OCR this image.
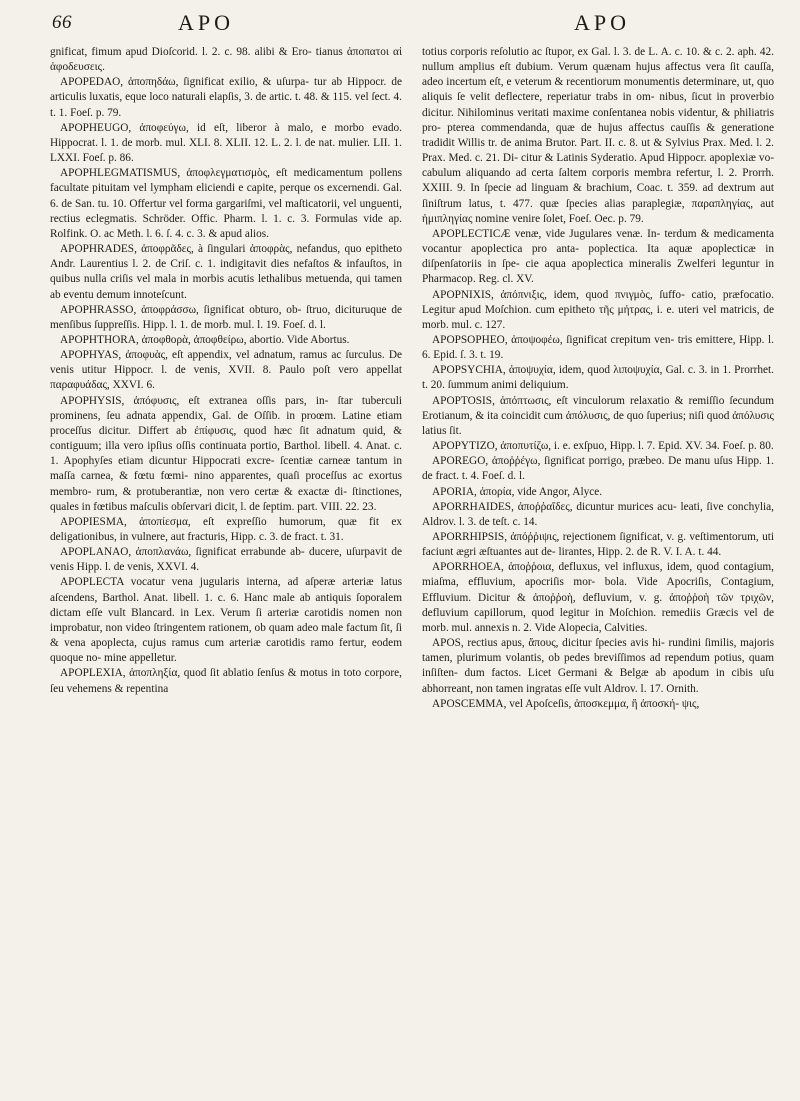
66	APO	APO

gnificat, fimum apud Dioſcorid. l. 2. c. 98. alibi & Ero- tianus ἀποπατοι αἱ ἀφοδευσεις.

APOPEDAO, ἀποπηδάω, ſignificat exilio, & uſurpa- tur ab Hippocr. de articulis luxatis, eque loco naturali elapſis, 3. de artic. t. 48. & 115. vel ſect. 4. t. 1. Foeſ. p. 79.

APOPHEUGO, ἀποφεύγω, id eſt, liberor à malo, e morbo evado. Hippocrat. l. 1. de morb. mul. XLI. 8. XLII. 12. L. 2. l. de nat. mulier. LII. 1. LXXI. Foeſ. p. 86.

APOPHLEGMATISMUS, ἀποφλεγματισμὸς, eſt medicamentum pollens facultate pituitam vel lympham eliciendi e capite, perque os excernendi. Gal. 6. de San. tu. 10. Offertur vel forma gargariſmi, vel maſticatorii, vel unguenti, rectius eclegmatis. Schröder. Offic. Pharm. l. 1. c. 3. Formulas vide ap. Rolfink. O. ac Meth. l. 6. ſ. 4. c. 3. & apud alios.

APOPHRADES, ἀποφρᾶδες, à ſingulari ἀποφρὰς, nefandus, quo epitheto Andr. Laurentius l. 2. de Criſ. c. 1. indigitavit dies nefaſtos & infauſtos, in quibus nulla criſis vel mala in morbis acutis lethalibus metuenda, qui tamen ab eventu demum innoteſcunt.

APOPHRASSO, ἀποφράσσω, ſignificat obturo, ob- ſtruo, dicituruque de menſibus ſuppreſſis. Hipp. l. 1. de morb. mul. l. 19. Foeſ. d. l.

APOPHTHORA, ἀποφθορὰ, ἀποφθείρω, abortio. Vide Abortus.

APOPHYAS, ἀποφυὰς, eſt appendix, vel adnatum, ramus ac ſurculus. De venis utitur Hippocr. l. de venis, XVII. 8. Paulo poſt vero appellat παραφυάδας, XXVI. 6.

APOPHYSIS, ἀπόφυσις, eſt extranea oſſis pars, in- ſtar tuberculi prominens, ſeu adnata appendix, Gal. de Oſſib. in proœm. Latine etiam proceſſus dicitur. Differt ab ἐπίφυσις, quod hæc ſit adnatum quid, & contiguum; illa vero ipſius oſſis continuata portio, Barthol. libell. 4. Anat. c. 1. Apophyſes etiam dicuntur Hippocrati excre- ſcentiæ carneæ tantum in maſſa carnea, & fœtu fœmi- nino apparentes, quaſi proceſſus ac exortus membro- rum, & protuberantiæ, non vero certæ & exactæ di- ſtinctiones, quales in fœtibus maſculis obſervari dicit, l. de ſeptim. part. VIII. 22. 23.

APOPIESMA, ἀποπίεσμα, eſt expreſſio humorum, quæ fit ex deligationibus, in vulnere, aut fracturis, Hipp. c. 3. de fract. t. 31.

APOPLANAO, ἀποπλανάω, ſignificat errabunde ab- ducere, uſurpavit de venis Hipp. l. de venis, XXVI. 4.

APOPLECTA vocatur vena jugularis interna, ad aſperæ arteriæ latus aſcendens, Barthol. Anat. libell. 1. c. 6. Hanc male ab antiquis ſoporalem dictam eſſe vult Blancard. in Lex. Verum ſi arteriæ carotidis nomen non improbatur, non video ſtringentem rationem, ob quam adeo male factum ſit, ſi & vena apoplecta, cujus ramus cum arteriæ carotidis ramo fertur, eodem quoque no- mine appelletur.

APOPLEXIA, ἀποπληξία, quod ſit ablatio ſenſus & motus in toto corpore, ſeu vehemens & repentina

totius corporis reſolutio ac ſtupor, ex Gal. l. 3. de L. A. c. 10. & c. 2. aph. 42. nullum amplius eſt dubium. Verum quænam hujus affectus vera ſit cauſſa, adeo incertum eſt, e veterum & recentiorum monumentis determinare, ut, quo aliquis ſe velit deflectere, reperiatur trabs in om- nibus, ſicut in proverbio dicitur. Nihilominus veritati maxime conſentanea nobis videntur, & philiatris pro- pterea commendanda, quæ de hujus affectus cauſſis & generatione tradidit Willis tr. de anima Brutor. Part. II. c. 8. ut & Sylvius Prax. Med. l. 2. Prax. Med. c. 21. Di- citur & Latinis Syderatio. Apud Hippocr. apoplexiæ vo- cabulum aliquando ad certa ſaltem corporis membra refertur, l. 2. Prorrh. XXIII. 9. In ſpecie ad linguam & brachium, Coac. t. 359. ad dextrum aut ſiniſtrum latus, t. 477. quæ ſpecies alias paraplegiæ, παραπληγίας, aut ἡμιπληγίας nomine venire ſolet, Foeſ. Oec. p. 79.

APOPLECTICÆ venæ, vide Jugulares venæ. In- terdum & medicamenta vocantur apoplectica pro anta- poplectica. Ita aquæ apoplecticæ in diſpenſatoriis in ſpe- cie aqua apoplectica mineralis Zwelferi leguntur in Pharmacop. Reg. cl. XV.

APOPNIXIS, ἀπόπνιξις, idem, quod πνιγμὸς, ſuffo- catio, præfocatio. Legitur apud Moſchion. cum epitheto τῆς μήτρας, i. e. uteri vel matricis, de morb. mul. c. 127.

APOPSOPHEO, ἀποψοφέω, ſignificat crepitum ven- tris emittere, Hipp. l. 6. Epid. ſ. 3. t. 19.

APOPSYCHIA, ἀποψυχία, idem, quod λιποψυχία, Gal. c. 3. in 1. Prorrhet. t. 20. ſummum animi deliquium.

APOPTOSIS, ἀπόπτωσις, eſt vinculorum relaxatio & remiſſio ſecundum Erotianum, & ita coincidit cum ἀπόλυσις, de quo ſuperius; niſi quod ἀπόλυσις latius ſit.

APOPYTIZO, ἀποπυτίζω, i. e. exſpuo, Hipp. l. 7. Epid. XV. 34. Foeſ. p. 80.

APOREGO, ἀποῤῥέγω, ſignificat porrigo, præbeo. De manu uſus Hipp. 1. de fract. t. 4. Foeſ. d. l.

APORIA, ἀπορία, vide Angor, Alyce.

APORRHAIDES, ἀποῤῥαΐδες, dicuntur murices acu- leati, ſive conchylia, Aldrov. l. 3. de teſt. c. 14.

APORRHIPSIS, ἀπόῤῥιψις, rejectionem ſignificat, v. g. veſtimentorum, uti faciunt ægri æſtuantes aut de- lirantes, Hipp. 2. de R. V. I. A. t. 44.

APORRHOEA, ἀποῤῥοια, defluxus, vel influxus, idem, quod contagium, miaſma, effluvium, apocriſis mor- bola. Vide Apocriſis, Contagium, Effluvium. Dicitur & ἀποῤῥοὴ, defluvium, v. g. ἀποῤῥοὴ τῶν τριχῶν, defluvium capillorum, quod legitur in Moſchion. remediis Græcis vel de morb. mul. annexis n. 2. Vide Alopecia, Calvities.

APOS, rectius apus, ἄπους, dicitur ſpecies avis hi- rundini ſimilis, majoris tamen, plurimum volantis, ob pedes breviſſimos ad rependum potius, quam inſiſten- dum factos. Licet Germani & Belgæ ab apodum in cibis uſu abhorreant, non tamen ingratas eſſe vult Aldrov. l. 17. Ornith.

APOSCEMMA, vel Apoſceſis, ἀποσκεμμα, ἢ ἀποσκή- ψις,
